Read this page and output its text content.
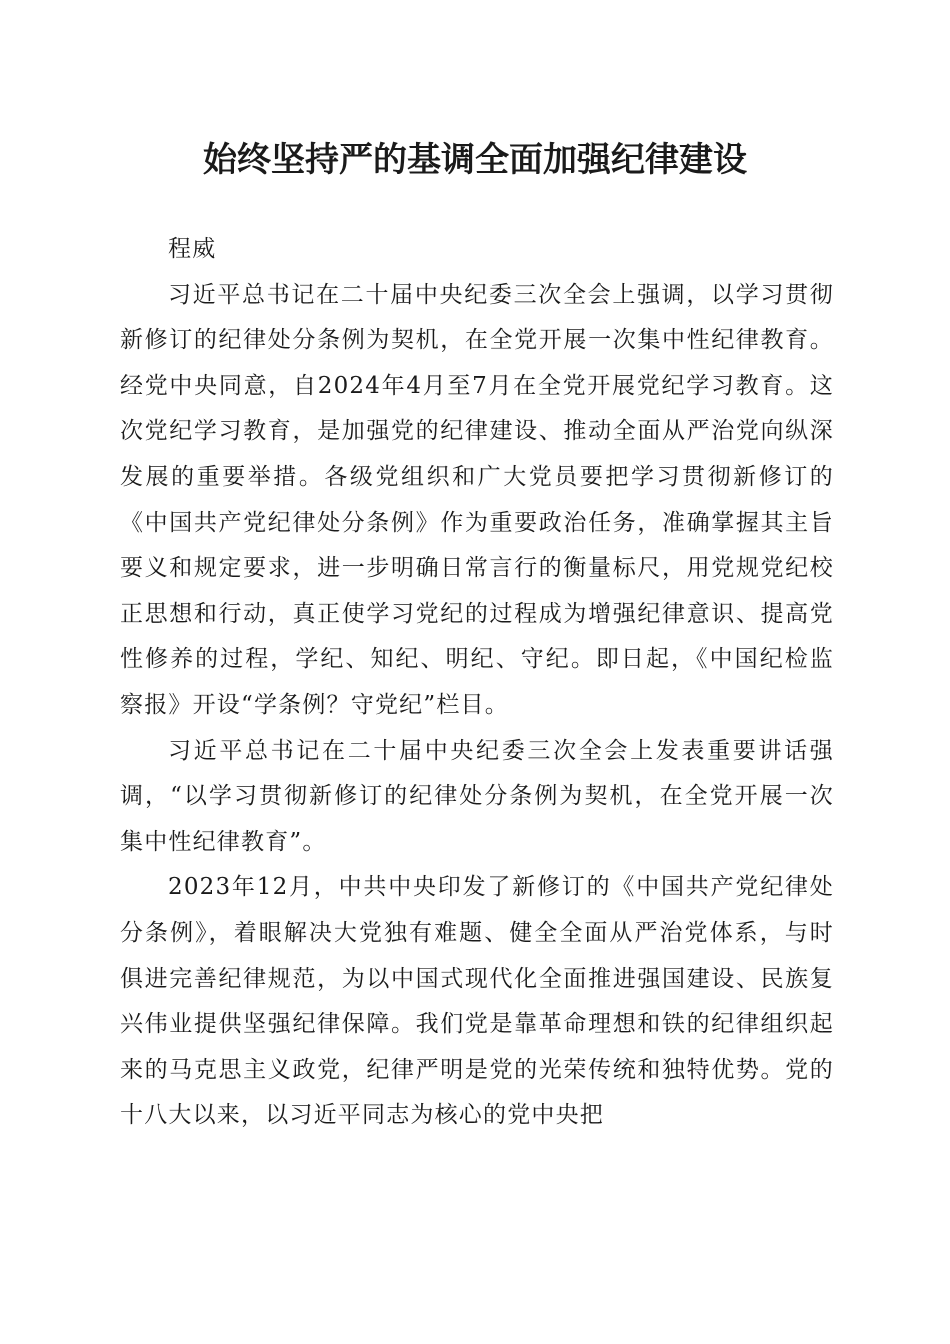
始终坚持严的基调全面加强纪律建设

程威

习近平总书记在二十届中央纪委三次全会上强调，以学习贯彻新修订的纪律处分条例为契机，在全党开展一次集中性纪律教育。经党中央同意，自2024年4月至7月在全党开展党纪学习教育。这次党纪学习教育，是加强党的纪律建设、推动全面从严治党向纵深发展的重要举措。各级党组织和广大党员要把学习贯彻新修订的《中国共产党纪律处分条例》作为重要政治任务，准确掌握其主旨要义和规定要求，进一步明确日常言行的衡量标尺，用党规党纪校正思想和行动，真正使学习党纪的过程成为增强纪律意识、提高党性修养的过程，学纪、知纪、明纪、守纪。即日起，《中国纪检监察报》开设“学条例？守党纪”栏目。

习近平总书记在二十届中央纪委三次全会上发表重要讲话强调，“以学习贯彻新修订的纪律处分条例为契机，在全党开展一次集中性纪律教育”。

2023年12月，中共中央印发了新修订的《中国共产党纪律处分条例》，着眼解决大党独有难题、健全全面从严治党体系，与时俱进完善纪律规范，为以中国式现代化全面推进强国建设、民族复兴伟业提供坚强纪律保障。我们党是靠革命理想和铁的纪律组织起来的马克思主义政党，纪律严明是党的光荣传统和独特优势。党的十八大以来，以习近平同志为核心的党中央把
